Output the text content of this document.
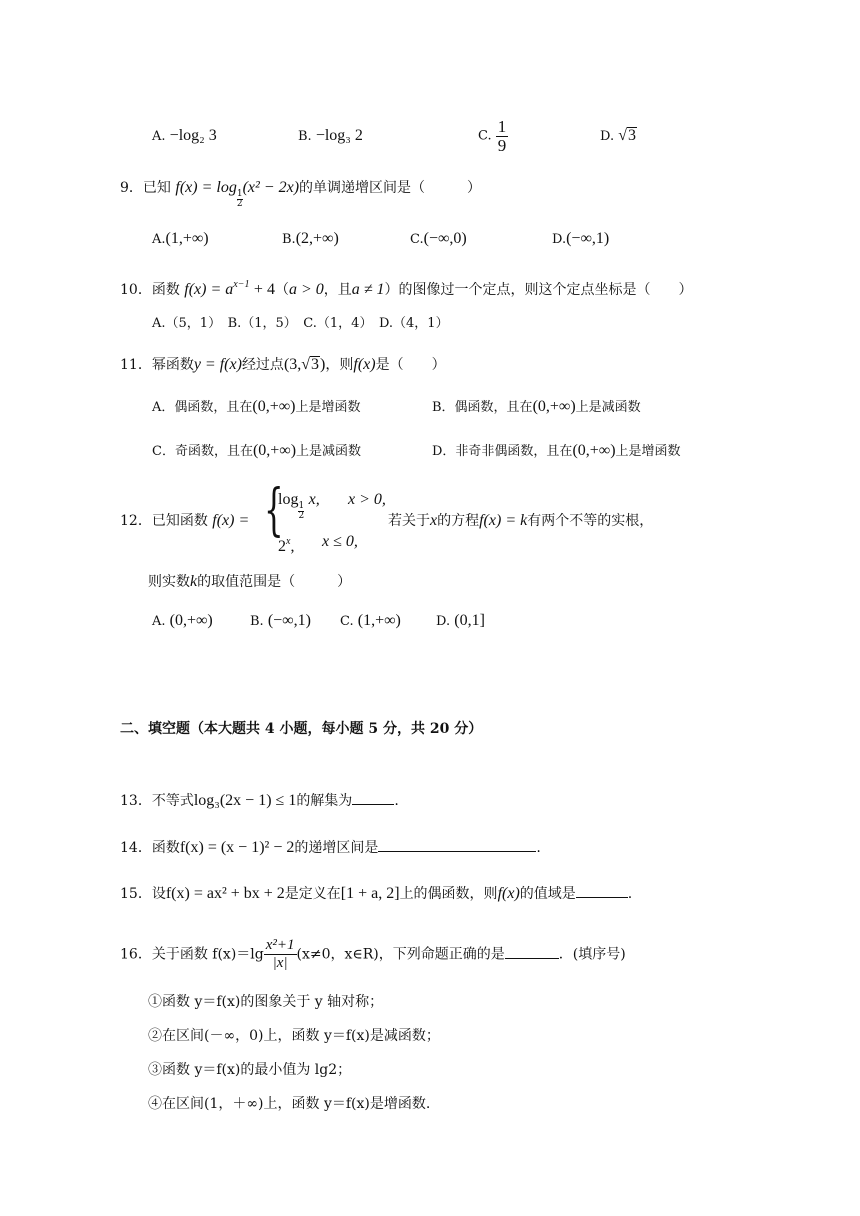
A. −log₂ 3	B. −log₃ 2	C. $\frac{1}{9}$	D. √3
9．已知 f(x) = log
$\frac{1}{2}$
(x² − 2x)的单调递增区间是（　　　）
A.(1,+∞)	B.(2,+∞)	C.(−∞,0)	D.(−∞,1)
10．函数 $f(x) = a^{x-1} + 4(a > 0$，且a ≠ 1）的图像过一个定点，则这个定点坐标是（　　）
A.（5，1）　B.（1，5）　C.（1，4）　D.（4，1）
11．幂函数y = f(x)经过点(3,√3)，则f(x)是（　　）
A．偶函数，且在(0,+∞)上是增函数	B．偶函数，且在(0,+∞)上是减函数
C．奇函数，且在(0,+∞)上是减函数	D．非奇非偶函数，且在(0,+∞)上是增函数
12．已知函数 f(x) = {
log
$\frac{1}{2}$
x, x > 0,
2$^x$, x ≤ 0,
若关于x的方程f(x) = k有两个不等的实根，
则实数k的取值范围是（　　　）
A. (0,+∞)	B. (−∞,1) C. (1,+∞)	D. (0,1]
二、填空题（本大题共 4 小题，每小题 5 分，共 20 分）
13．不等式log₃(2x − 1) ≤ 1的解集为	.
14．函数f(x) = (x − 1)² − 2的递增区间是	.
15．设f(x) = ax² + bx + 2是定义在[1 + a, 2]上的偶函数，则f(x)的值域是	.
16．关于函数 $f(x)=\lg \frac{\text{x²+1}}{|x|} (x\ne 0$，x∈R)，下列命题正确的是	．(填序号)
①函数 y＝f(x)的图象关于 y 轴对称；
②在区间(－∞，0)上，函数 y＝f(x)是减函数；
③函数 y＝f(x)的最小值为 lg2；
④在区间(1，＋∞)上，函数 y＝f(x)是增函数.
